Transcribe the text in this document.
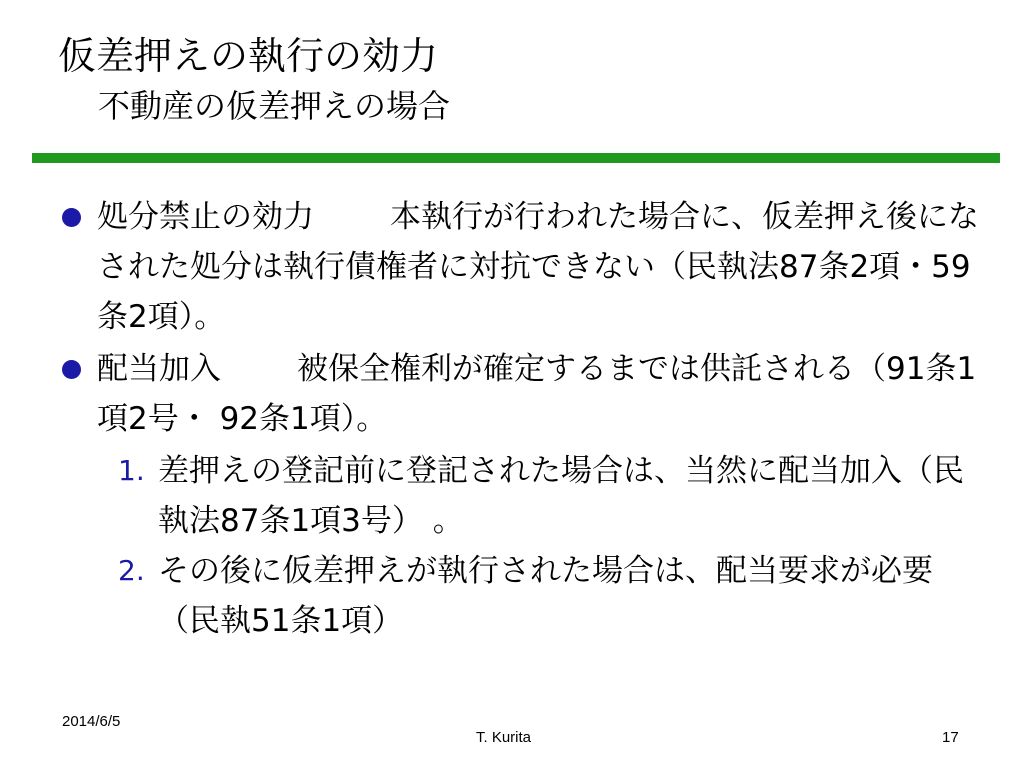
仮差押えの執行の効力
不動産の仮差押えの場合
処分禁止の効力 本執行が行われた場合に、仮差押え後になされた処分は執行債権者に対抗できない（民執法87条2項・59条2項）。
配当加入 被保全権利が確定するまでは供託される（91条1項2号・ 92条1項）。
1. 差押えの登記前に登記された場合は、当然に配当加入（民執法87条1項3号） 。
2. その後に仮差押えが執行された場合は、配当要求が必要（民執51条1項）
2014/6/5
T. Kurita	17
